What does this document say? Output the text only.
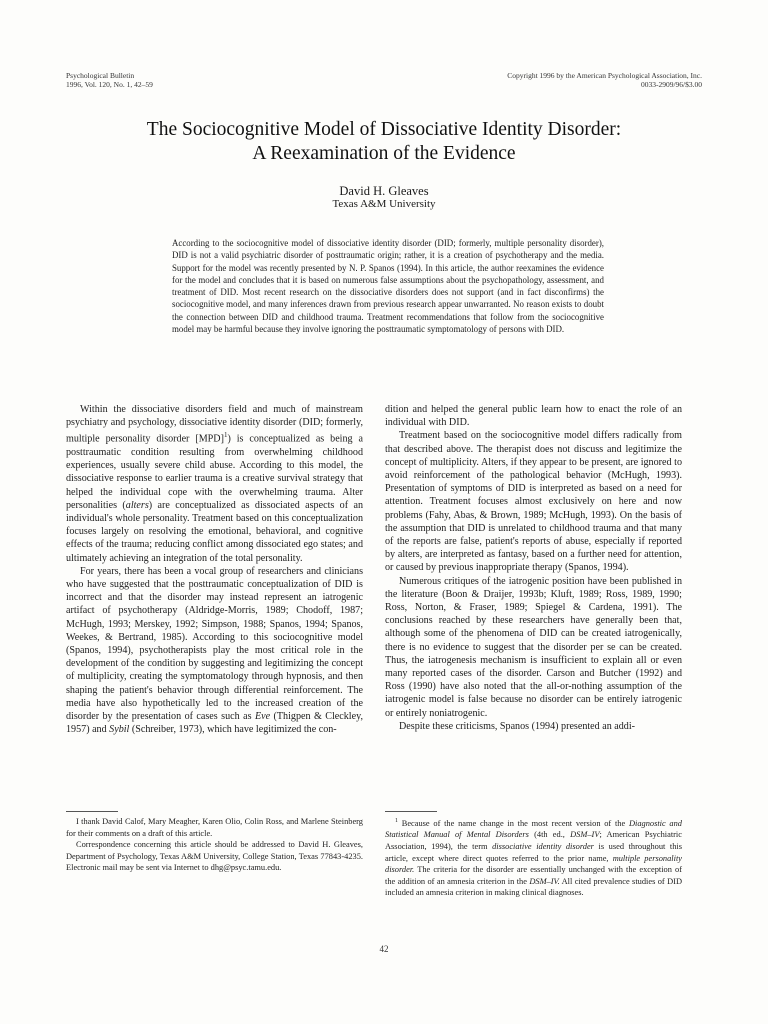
Psychological Bulletin
1996, Vol. 120, No. 1, 42–59
Copyright 1996 by the American Psychological Association, Inc.
0033-2909/96/$3.00
The Sociocognitive Model of Dissociative Identity Disorder:
A Reexamination of the Evidence
David H. Gleaves
Texas A&M University
According to the sociocognitive model of dissociative identity disorder (DID; formerly, multiple personality disorder), DID is not a valid psychiatric disorder of posttraumatic origin; rather, it is a creation of psychotherapy and the media. Support for the model was recently presented by N. P. Spanos (1994). In this article, the author reexamines the evidence for the model and concludes that it is based on numerous false assumptions about the psychopathology, assessment, and treatment of DID. Most recent research on the dissociative disorders does not support (and in fact disconfirms) the sociocognitive model, and many inferences drawn from previous research appear unwarranted. No reason exists to doubt the connection between DID and childhood trauma. Treatment recommendations that follow from the sociocognitive model may be harmful because they involve ignoring the posttraumatic symptomatology of persons with DID.

Within the dissociative disorders field and much of mainstream psychiatry and psychology, dissociative identity disorder (DID; formerly, multiple personality disorder [MPD]$^1$) is conceptualized as being a posttraumatic condition resulting from overwhelming childhood experiences, usually severe child abuse. According to this model, the dissociative response to earlier trauma is a creative survival strategy that helped the individual cope with the overwhelming trauma. Alter personalities (alters) are conceptualized as dissociated aspects of an individual's whole personality. Treatment based on this conceptualization focuses largely on resolving the emotional, behavioral, and cognitive effects of the trauma; reducing conflict among dissociated ego states; and ultimately achieving an integration of the total personality.

For years, there has been a vocal group of researchers and clinicians who have suggested that the posttraumatic conceptualization of DID is incorrect and that the disorder may instead represent an iatrogenic artifact of psychotherapy (Aldridge-Morris, 1989; Chodoff, 1987; McHugh, 1993; Merskey, 1992; Simpson, 1988; Spanos, 1994; Spanos, Weekes, & Bertrand, 1985). According to this sociocognitive model (Spanos, 1994), psychotherapists play the most critical role in the development of the condition by suggesting and legitimizing the concept of multiplicity, creating the symptomatology through hypnosis, and then shaping the patient's behavior through differential reinforcement. The media have also hypothetically led to the increased creation of the disorder by the presentation of cases such as Eve (Thigpen & Cleckley, 1957) and Sybil (Schreiber, 1973), which have legitimized the con-

dition and helped the general public learn how to enact the role of an individual with DID.

Treatment based on the sociocognitive model differs radically from that described above. The therapist does not discuss and legitimize the concept of multiplicity. Alters, if they appear to be present, are ignored to avoid reinforcement of the pathological behavior (McHugh, 1993). Presentation of symptoms of DID is interpreted as based on a need for attention. Treatment focuses almost exclusively on here and now problems (Fahy, Abas, & Brown, 1989; McHugh, 1993). On the basis of the assumption that DID is unrelated to childhood trauma and that many of the reports are false, patient's reports of abuse, especially if reported by alters, are interpreted as fantasy, based on a further need for attention, or caused by previous inappropriate therapy (Spanos, 1994).

Numerous critiques of the iatrogenic position have been published in the literature (Boon & Draijer, 1993b; Kluft, 1989; Ross, 1989, 1990; Ross, Norton, & Fraser, 1989; Spiegel & Cardena, 1991). The conclusions reached by these researchers have generally been that, although some of the phenomena of DID can be created iatrogenically, there is no evidence to suggest that the disorder per se can be created. Thus, the iatrogenesis mechanism is insufficient to explain all or even many reported cases of the disorder. Carson and Butcher (1992) and Ross (1990) have also noted that the all-or-nothing assumption of the iatrogenic model is false because no disorder can be entirely iatrogenic or entirely noniatrogenic.

Despite these criticisms, Spanos (1994) presented an addi-

I thank David Calof, Mary Meagher, Karen Olio, Colin Ross, and Marlene Steinberg for their comments on a draft of this article.

Correspondence concerning this article should be addressed to David H. Gleaves, Department of Psychology, Texas A&M University, College Station, Texas 77843-4235. Electronic mail may be sent via Internet to dhg@psyc.tamu.edu.

$^1$ Because of the name change in the most recent version of the Diagnostic and Statistical Manual of Mental Disorders (4th ed., DSM–IV; American Psychiatric Association, 1994), the term dissociative identity disorder is used throughout this article, except where direct quotes referred to the prior name, multiple personality disorder. The criteria for the disorder are essentially unchanged with the exception of the addition of an amnesia criterion in the DSM–IV. All cited prevalence studies of DID included an amnesia criterion in making clinical diagnoses.

42
